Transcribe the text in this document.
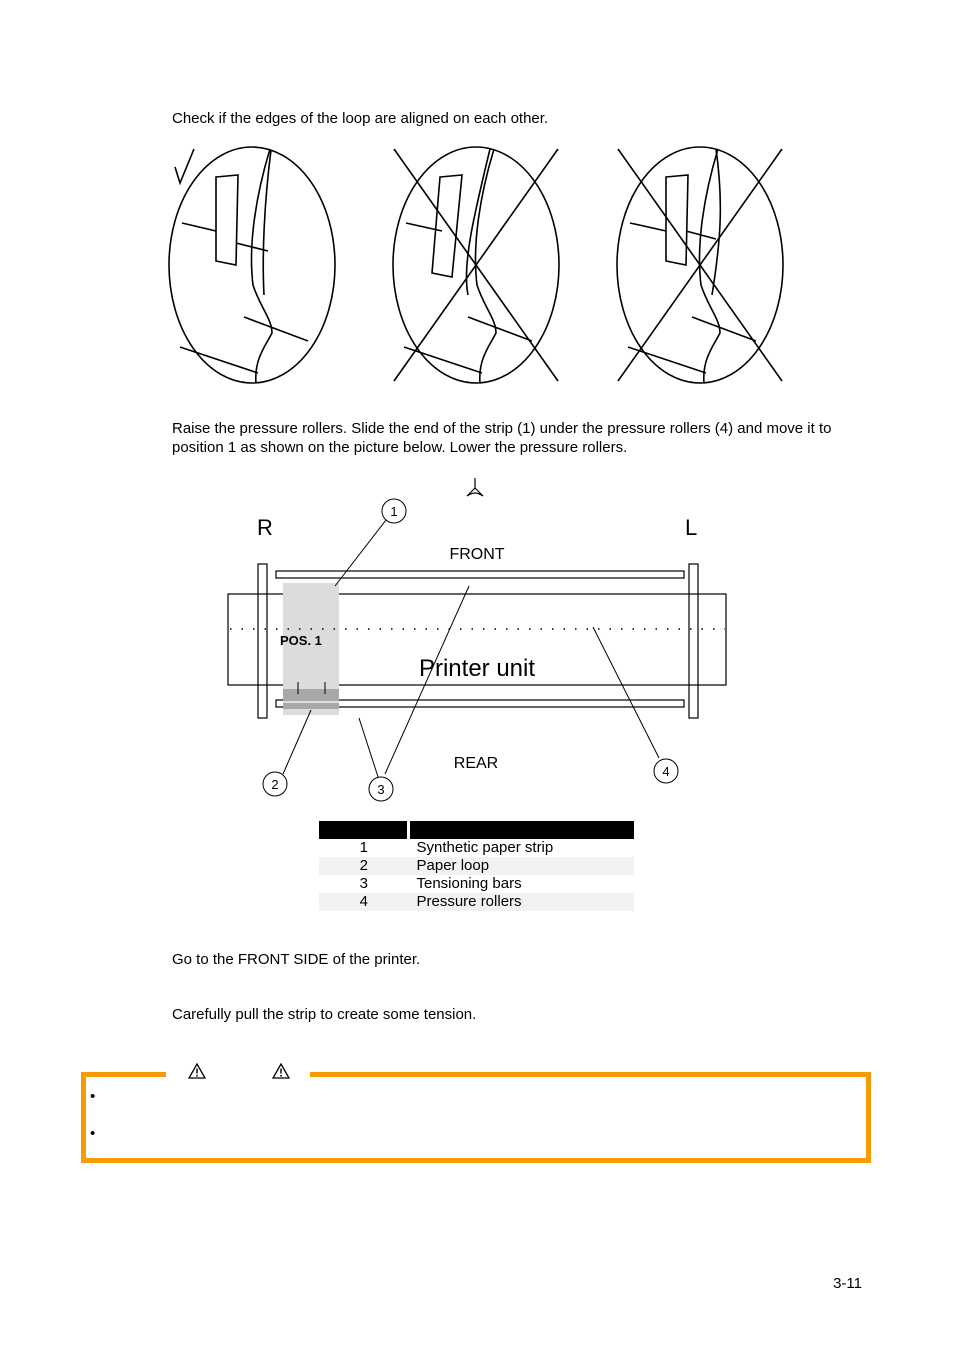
Check if the edges of the loop are aligned on each other.

Raise the pressure rollers. Slide the end of the strip (1) under the pressure rollers (4) and move it to position 1 as shown on the picture below. Lower the pressure rollers.

1
2	3
4
R	L
FRONT
REAR
Printer unit
POS. 1

1	Synthetic paper strip
2	Paper loop
3	Tensioning bars
4	Pressure rollers

Go to the FRONT SIDE of the printer.

Carefully pull the strip to create some tension.

•
•
3-11
